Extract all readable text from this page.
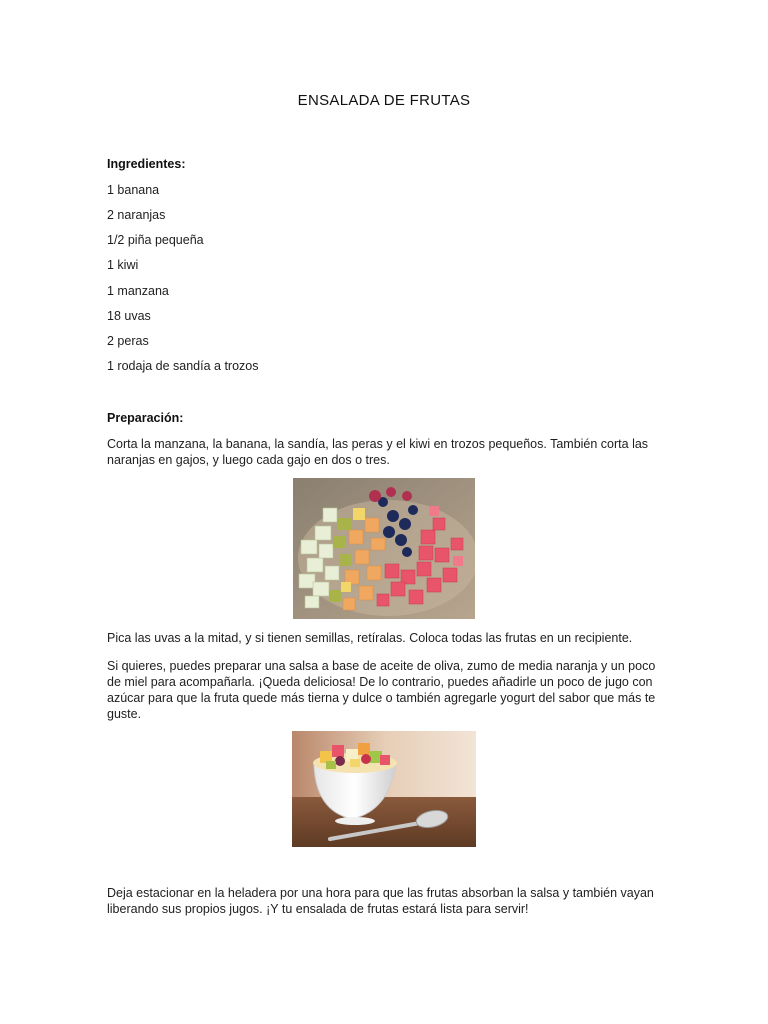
ENSALADA DE FRUTAS
Ingredientes:
1 banana
2 naranjas
1/2 piña pequeña
1 kiwi
1 manzana
18 uvas
2 peras
1 rodaja de sandía a trozos
Preparación:
Corta la manzana, la banana, la sandía, las peras y el kiwi en trozos pequeños. También corta las naranjas en gajos, y luego cada gajo en dos o tres.
Pica las uvas a la mitad, y si tienen semillas, retíralas. Coloca todas las frutas en un recipiente.
Si quieres, puedes preparar una salsa a base de aceite de oliva, zumo de media naranja y un poco de miel para acompañarla. ¡Queda deliciosa! De lo contrario, puedes añadirle un poco de jugo con azúcar para que la fruta quede más tierna y dulce o también agregarle yogurt del sabor que más te guste.
Deja estacionar en la heladera por una hora para que las frutas absorban la salsa y también vayan liberando sus propios jugos. ¡Y tu ensalada de frutas estará lista para servir!
